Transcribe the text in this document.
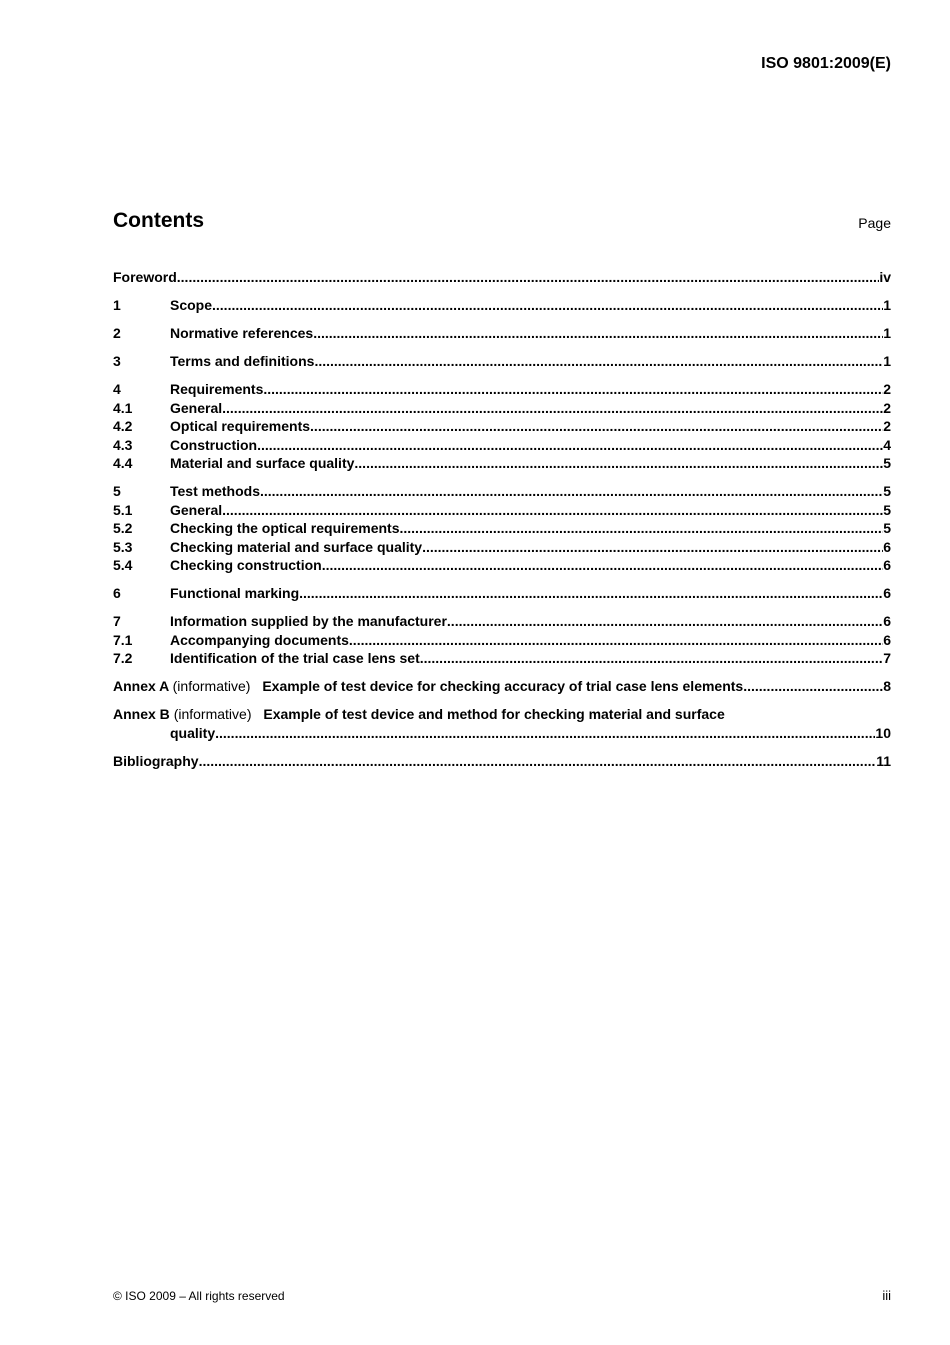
ISO 9801:2009(E)
Contents	Page
Foreword .....	iv
1	Scope .....	1
2	Normative references .....	1
3	Terms and definitions .....	1
4	Requirements .....	2
4.1	General .....	2
4.2	Optical requirements .....	2
4.3	Construction .....	4
4.4	Material and surface quality .....	5
5	Test methods .....	5
5.1	General .....	5
5.2	Checking the optical requirements .....	5
5.3	Checking material and surface quality .....	6
5.4	Checking construction .....	6
6	Functional marking .....	6
7	Information supplied by the manufacturer .....	6
7.1	Accompanying documents .....	6
7.2	Identification of the trial case lens set .....	7
Annex A (informative) Example of test device for checking accuracy of trial case lens elements .....	8
Annex B (informative) Example of test device and method for checking material and surface
quality .....	10
Bibliography .....	11
© ISO 2009 – All rights reserved	iii
